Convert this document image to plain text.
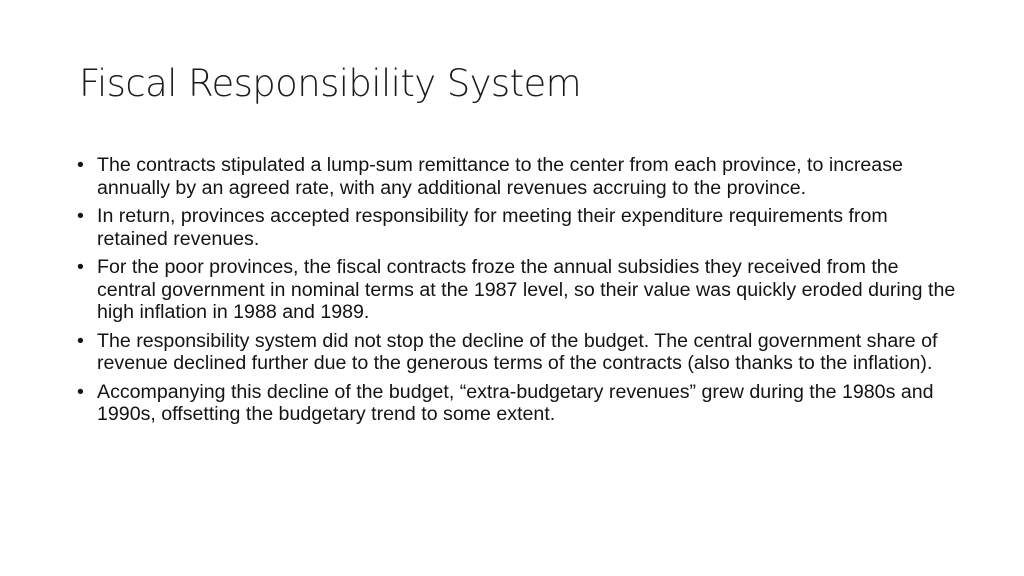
Fiscal Responsibility System
• The contracts stipulated a lump-sum remittance to the center from each province, to increase annually by an agreed rate, with any additional revenues accruing to the province.
• In return, provinces accepted responsibility for meeting their expenditure requirements from retained revenues.
• For the poor provinces, the fiscal contracts froze the annual subsidies they received from the central government in nominal terms at the 1987 level, so their value was quickly eroded during the high inflation in 1988 and 1989.
• The responsibility system did not stop the decline of the budget. The central government share of revenue declined further due to the generous terms of the contracts (also thanks to the inflation).
• Accompanying this decline of the budget, “extra-budgetary revenues” grew during the 1980s and 1990s, offsetting the budgetary trend to some extent.
